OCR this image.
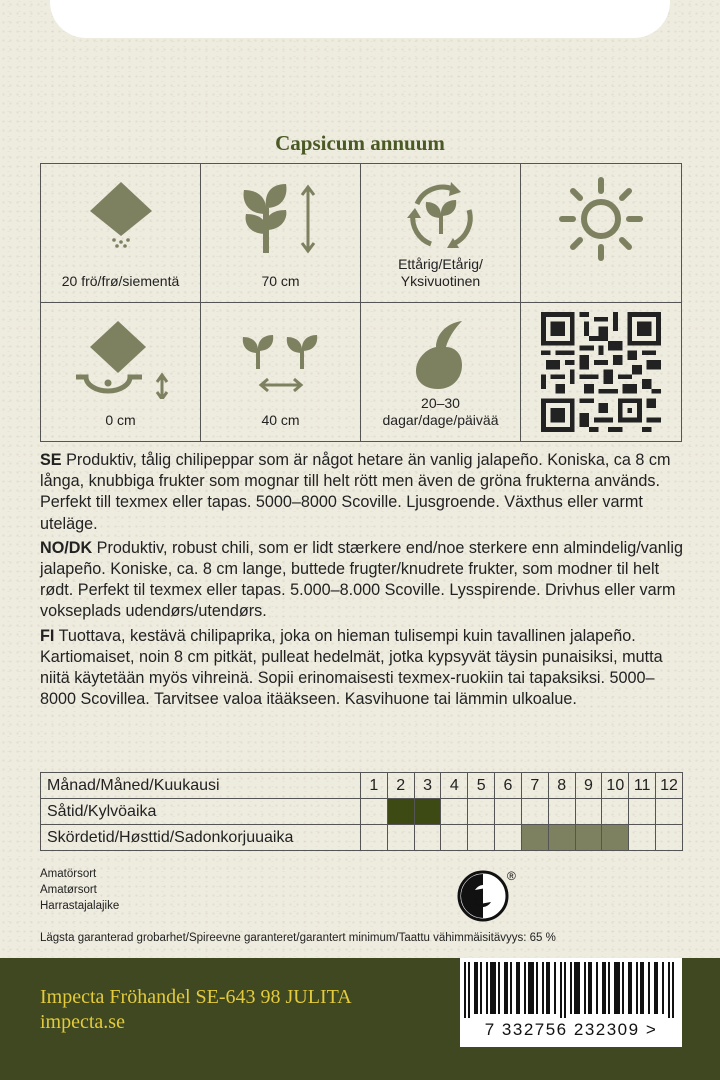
Capsicum annuum
20 frö/frø/siementä	70 cm
Ettårig/Etårig/
Yksivuotinen
0 cm	40 cm
20–30
dagar/dage/päivää

SE Produktiv, tålig chilipeppar som är något hetare än vanlig jalapeño. Koniska, ca 8 cm långa, knubbiga frukter som mognar till helt rött men även de gröna frukterna används. Perfekt till texmex eller tapas. 5000–8000 Scoville. Ljusgroende. Växthus eller varmt uteläge.

NO/DK Produktiv, robust chili, som er lidt stærkere end/noe sterkere enn almindelig/vanlig jalapeño. Koniske, ca. 8 cm lange, buttede frugter/knudrete frukter, som modner til helt rødt. Perfekt til texmex eller tapas. 5.000–8.000 Scoville. Lysspirende. Drivhus eller varm vokseplads udendørs/utendørs.

FI Tuottava, kestävä chilipaprika, joka on hieman tulisempi kuin tavallinen jalapeño. Kartiomaiset, noin 8 cm pitkät, pulleat hedelmät, jotka kypsyvät täysin punaisiksi, mutta niitä käytetään myös vihreinä. Sopii erinomaisesti texmex-ruokiin tai tapaksiksi. 5000–8000 Scovillea. Tarvitsee valoa itääkseen. Kasvihuone tai lämmin ulkoalue.

Månad/Måned/Kuukausi	1	2	3	4	5	6	7	8	9	10	11	12
Såtid/Kylvöaika												
Skördetid/Høsttid/Sadonkorjuuaika												
Amatörsort
Amatørsort
Harrastajalajike
®
Lägsta garanterad grobarhet/Spireevne garanteret/garantert minimum/Taattu vähimmäisitävyys: 65 %
Impecta Fröhandel SE-643 98 JULITA
impecta.se	7 332756 232309 >
